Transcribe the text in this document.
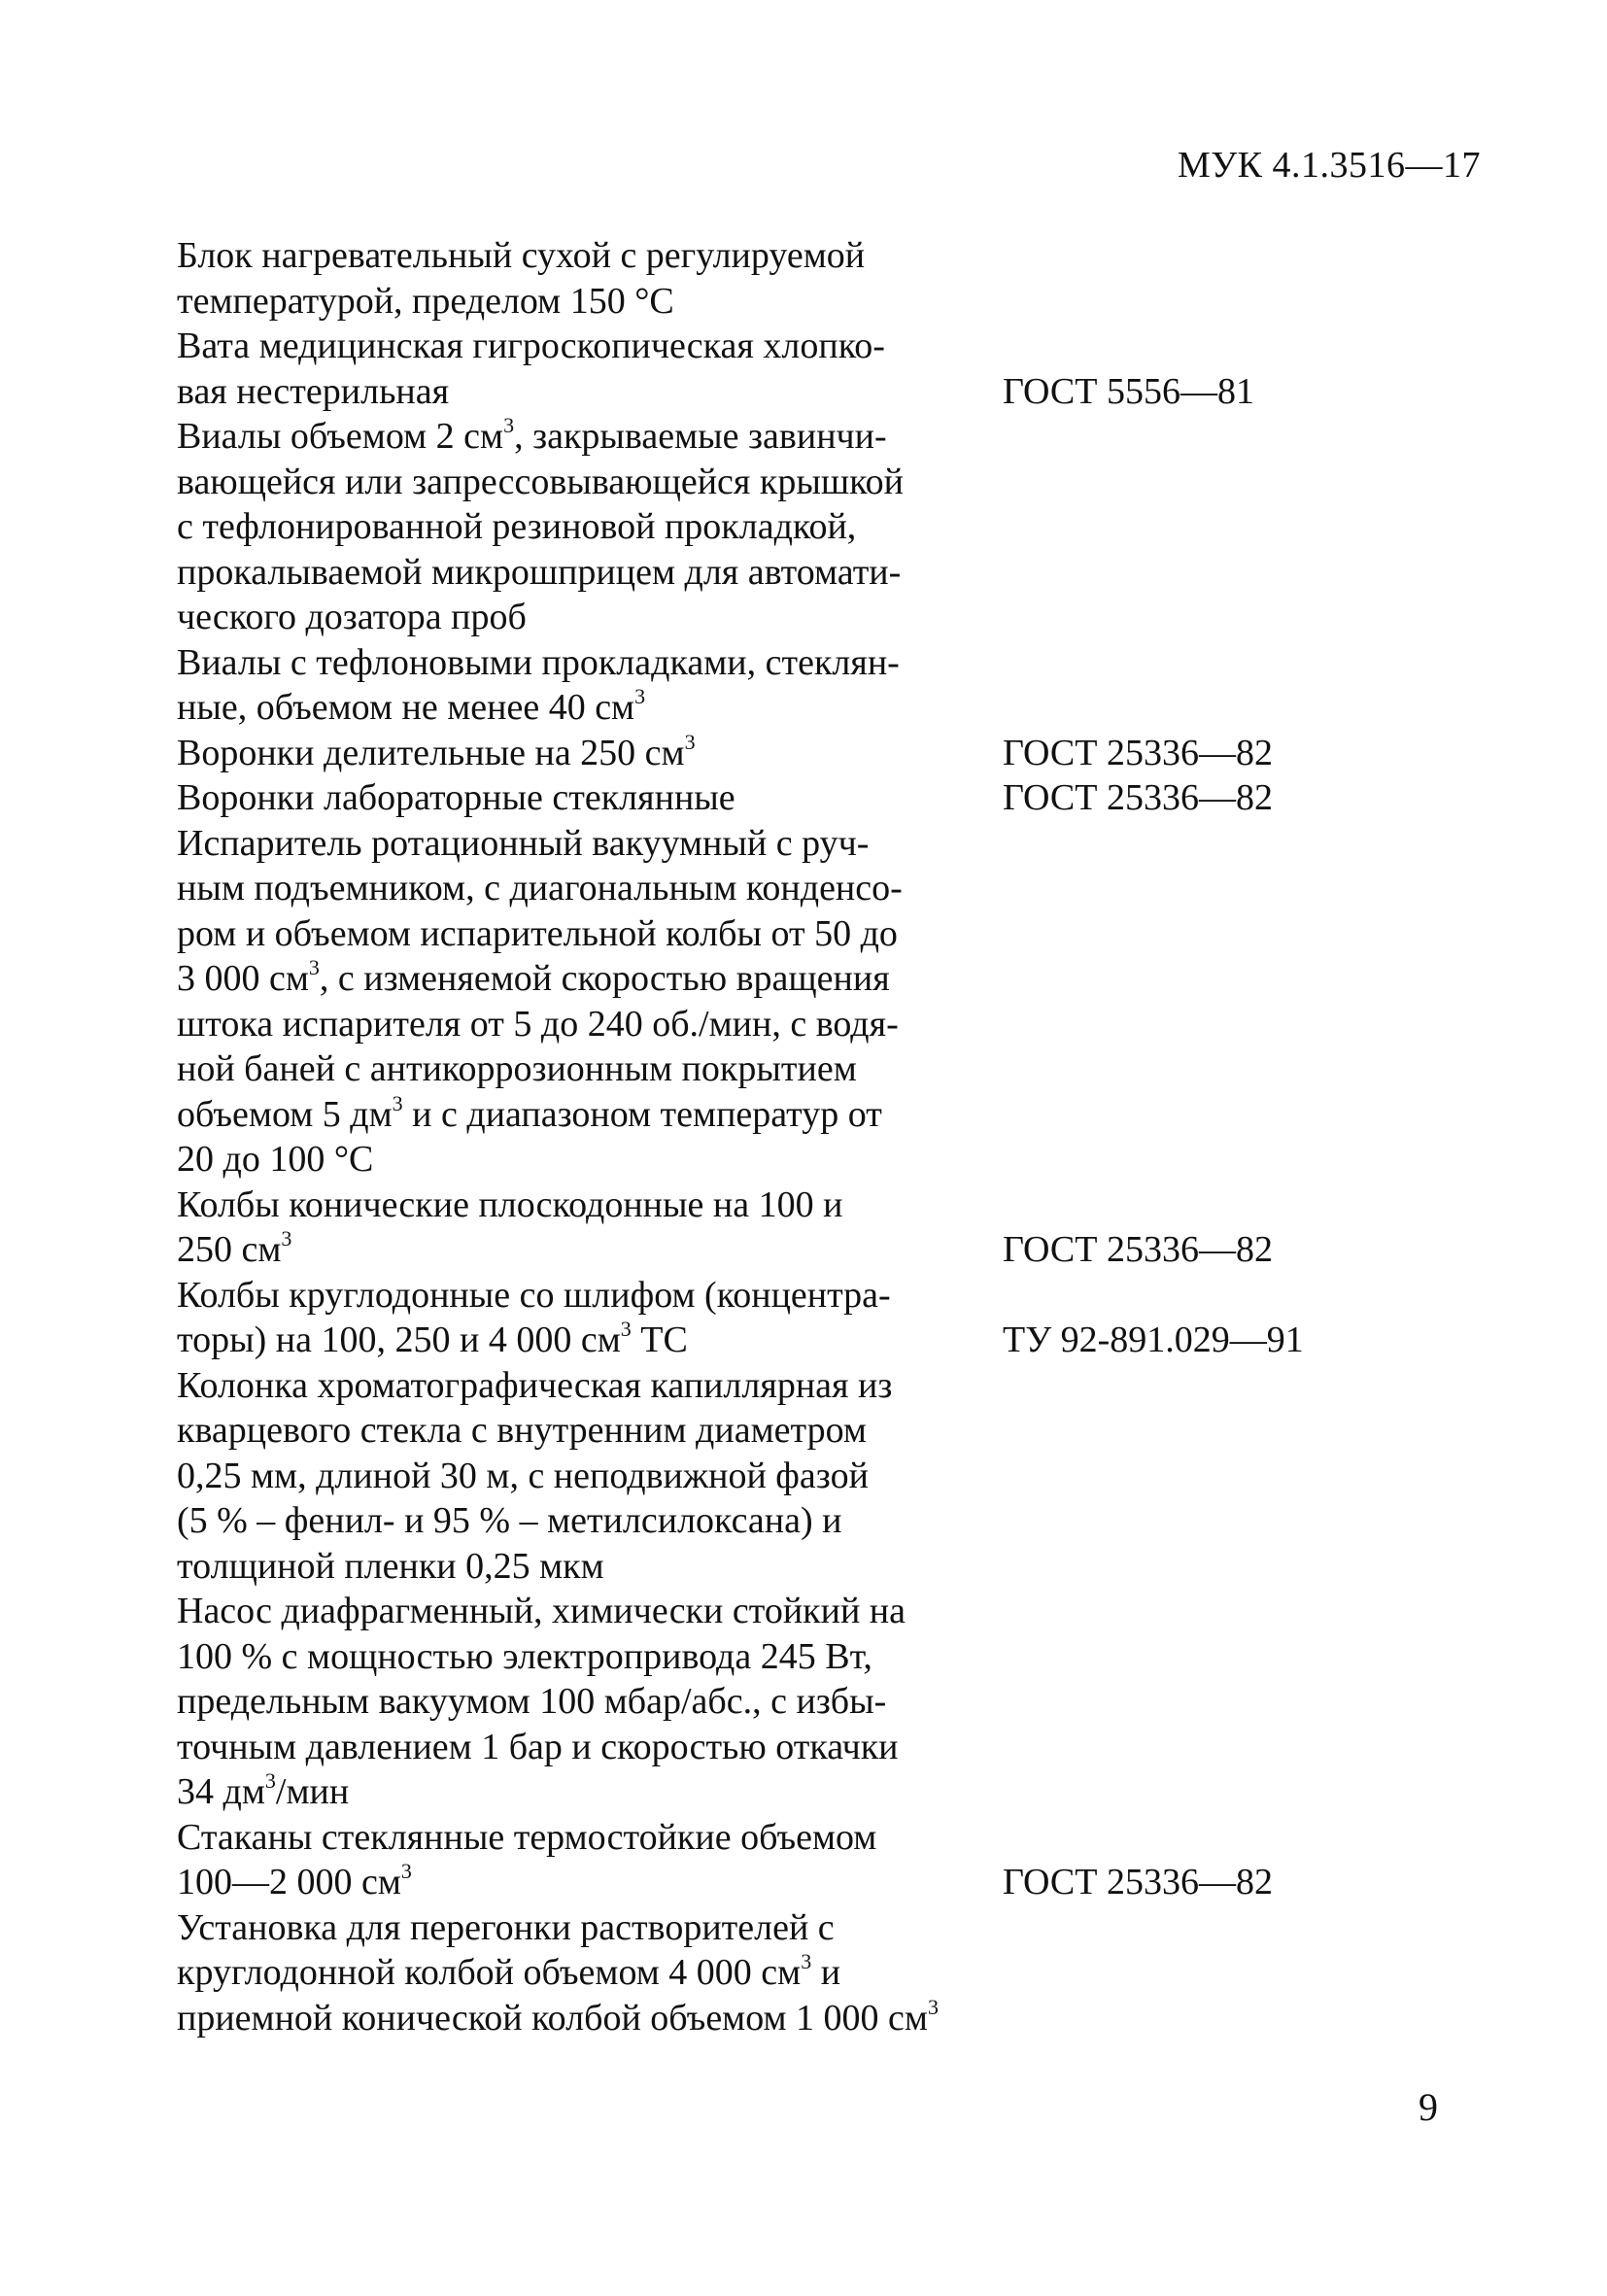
МУК 4.1.3516—17
Блок нагревательный сухой с регулируемой
температурой, пределом 150 °С
Вата медицинская гигроскопическая хлопко-
вая нестерильная	ГОСТ 5556—81
Виалы объемом 2 $см^3$, закрываемые завинчи-
вающейся или запрессовывающейся крышкой
с тефлонированной резиновой прокладкой,
прокалываемой микрошприцем для автомати-
ческого дозатора проб
Виалы с тефлоновыми прокладками, стеклян-
ные, объемом не менее 40 $см^3$
Воронки делительные на 250 $см^3$	ГОСТ 25336—82
Воронки лабораторные стеклянные	ГОСТ 25336—82
Испаритель ротационный вакуумный с руч-
ным подъемником, с диагональным конденсо-
ром и объемом испарительной колбы от 50 до
3 000 $см^3$, с изменяемой скоростью вращения
штока испарителя от 5 до 240 об./мин, с водя-
ной баней с антикоррозионным покрытием
объемом 5 $дм^3$ и с диапазоном температур от
20 до 100 °С
Колбы конические плоскодонные на 100 и
250 $см^3$	ГОСТ 25336—82
Колбы круглодонные со шлифом (концентра-
торы) на 100, 250 и 4 000 $см^3$ ТС	ТУ 92-891.029—91
Колонка хроматографическая капиллярная из
кварцевого стекла с внутренним диаметром
0,25 мм, длиной 30 м, с неподвижной фазой
(5 % – фенил- и 95 % – метилсилоксана) и
толщиной пленки 0,25 мкм
Насос диафрагменный, химически стойкий на
100 % с мощностью электропривода 245 Вт,
предельным вакуумом 100 мбар/абс., с избы-
точным давлением 1 бар и скоростью откачки
34 $дм^3$/мин
Стаканы стеклянные термостойкие объемом
100—2 000 $см^3$	ГОСТ 25336—82
Установка для перегонки растворителей с
круглодонной колбой объемом 4 000 $см^3$ и
приемной конической колбой объемом 1 000 $см^3$
9
